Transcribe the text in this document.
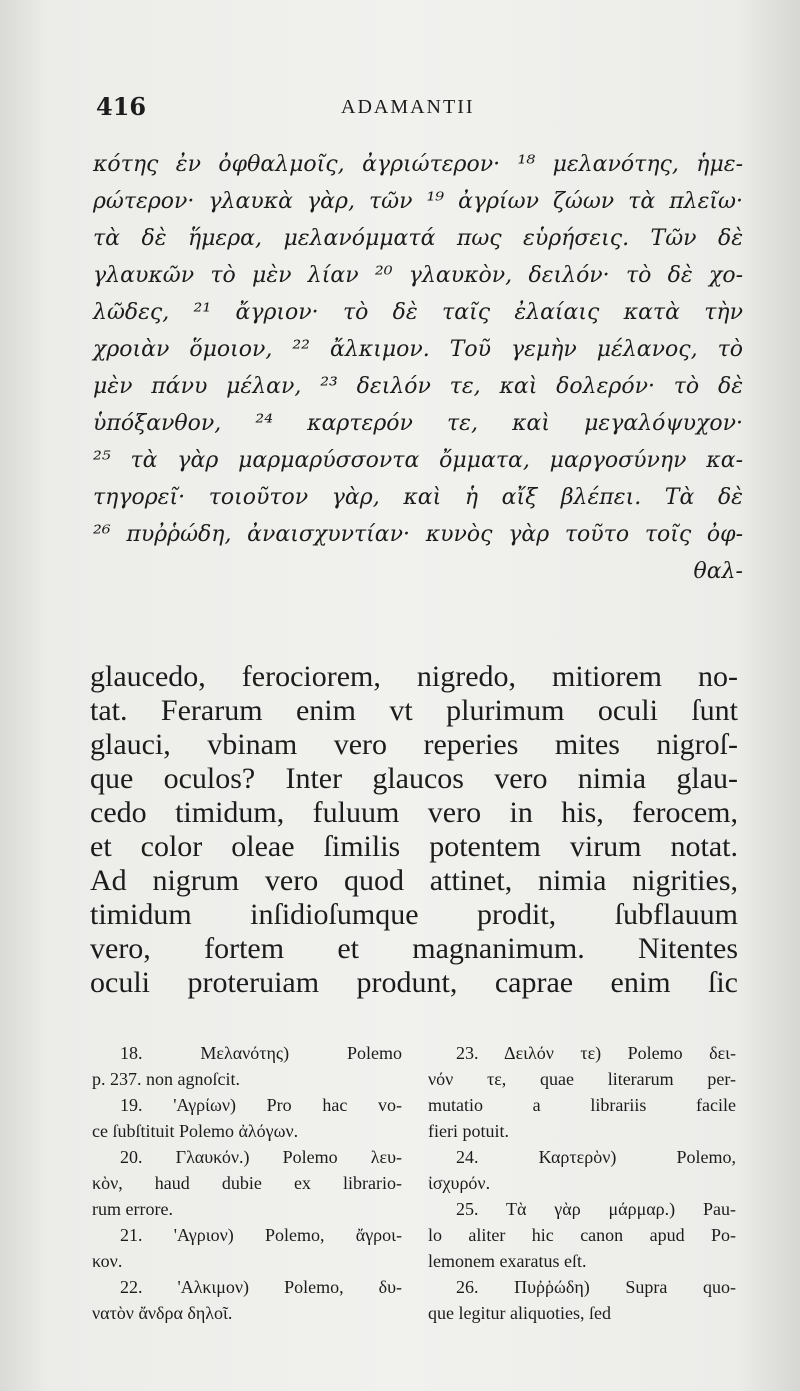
416	ADAMANTII
κότης ἐν ὀφθαλμοῖς, ἀγριώτερον· ¹⁸ μελανότης, ἡμε-
ρώτερον· γλαυκὰ γὰρ, τῶν ¹⁹ ἀγρίων ζώων τὰ πλεῖω·
τὰ δὲ ἥμερα, μελανόμματά πως εὑρήσεις. Τῶν δὲ
γλαυκῶν τὸ μὲν λίαν ²⁰ γλαυκὸν, δειλόν· τὸ δὲ χο-
λῶδες, ²¹ ἄγριον· τὸ δὲ ταῖς ἐλαίαις κατὰ τὴν
χροιὰν ὅμοιον, ²² ἄλκιμον. Τοῦ γεμὴν μέλανος, τὸ
μὲν πάνυ μέλαν, ²³ δειλόν τε, καὶ δολερόν· τὸ δὲ
ὑπόξανθον, ²⁴ καρτερόν τε, καὶ μεγαλόψυχον·
²⁵ τὰ γὰρ μαρμαρύσσοντα ὄμματα, μαργοσύνην κα-
τηγορεῖ· τοιοῦτον γὰρ, καὶ ἡ αἴξ βλέπει. Τὰ δὲ
²⁶ πυῤῥώδη, ἀναισχυντίαν· κυνὸς γὰρ τοῦτο τοῖς ὀφ-
θαλ-
glaucedo, ferociorem, nigredo, mitiorem no-
tat. Ferarum enim vt plurimum oculi ſunt
glauci, vbinam vero reperies mites nigroſ-
que oculos? Inter glaucos vero nimia glau-
cedo timidum, fuluum vero in his, ferocem,
et color oleae ſimilis potentem virum notat.
Ad nigrum vero quod attinet, nimia nigrities,
timidum inſidioſumque prodit, ſubflauum
vero, fortem et magnanimum. Nitentes
oculi proteruiam produnt, caprae enim ſic
18. Μελανότης) Polemo
p. 237. non agnoſcit.
19. 'Αγρίων) Pro hac vo-
ce ſubſtituit Polemo ἀλόγων.
20. Γλαυκόν.) Polemo λευ-
κὸν, haud dubie ex librario-
rum errore.
21. 'Αγριον) Polemo, ἄγροι-
κον.
22. 'Αλκιμον) Polemo, δυ-
νατὸν ἄνδρα δηλοῖ.
23. Δειλόν τε) Polemo δει-
νόν τε, quae literarum per-
mutatio a librariis facile
fieri potuit.
24. Καρτερὸν) Polemo,
ἰσχυρόν.
25. Τὰ γὰρ μάρμαρ.) Pau-
lo aliter hic canon apud Po-
lemonem exaratus eſt.
26. Πυῤῥώδη) Supra quo-
que legitur aliquoties, ſed
